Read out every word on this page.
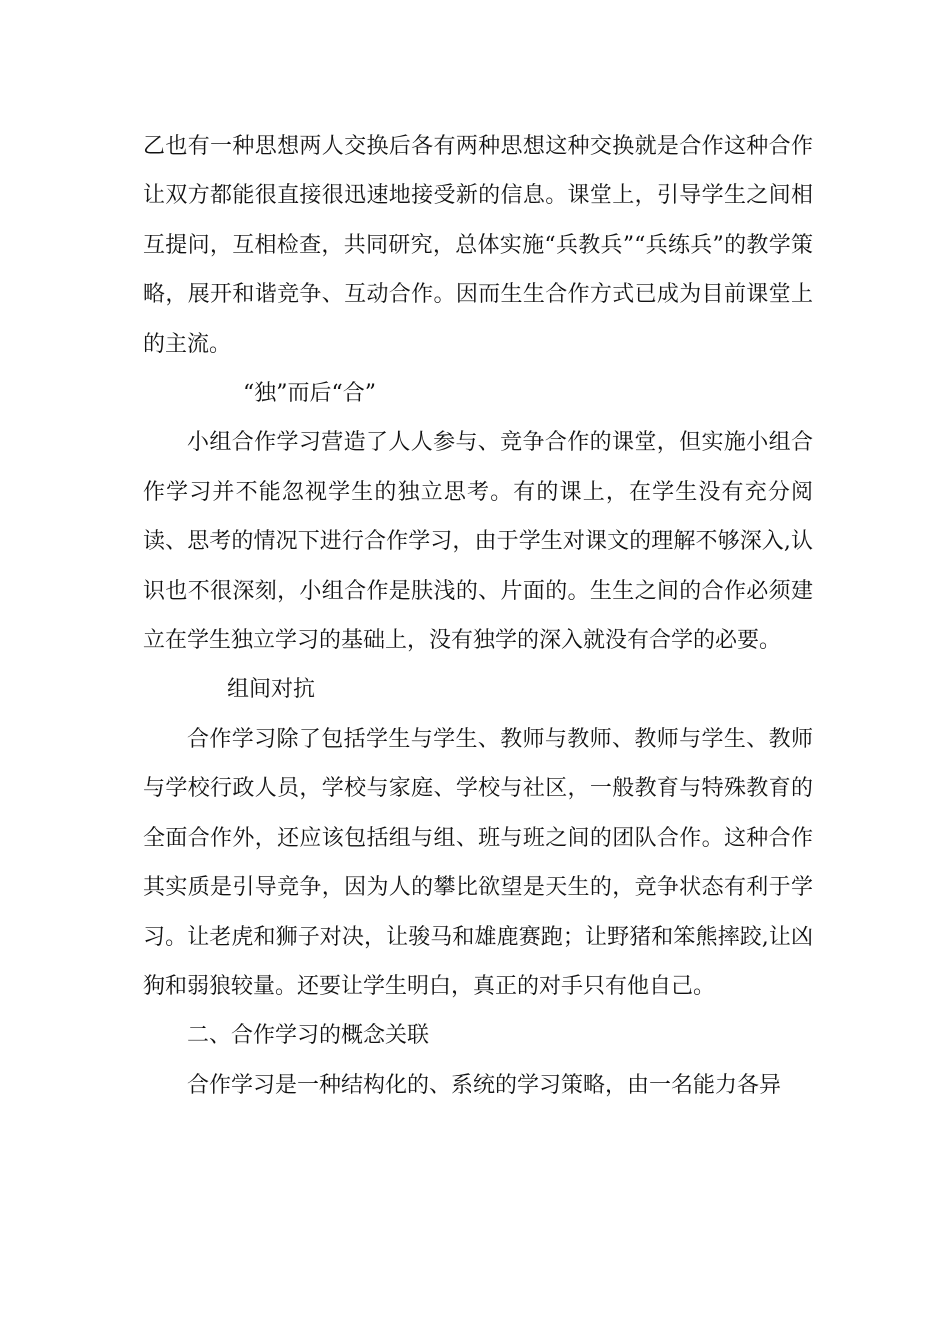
乙也有一种思想两人交换后各有两种思想这种交换就是合作这种合作让双方都能很直接很迅速地接受新的信息。课堂上，引导学生之间相互提问，互相检查，共同研究，总体实施“兵教兵”“兵练兵”的教学策略，展开和谐竞争、互动合作。因而生生合作方式已成为目前课堂上的主流。

“独”而后“合”

小组合作学习营造了人人参与、竞争合作的课堂，但实施小组合作学习并不能忽视学生的独立思考。有的课上，在学生没有充分阅读、思考的情况下进行合作学习，由于学生对课文的理解不够深入,认识也不很深刻，小组合作是肤浅的、片面的。生生之间的合作必须建立在学生独立学习的基础上，没有独学的深入就没有合学的必要。

组间对抗

合作学习除了包括学生与学生、教师与教师、教师与学生、教师与学校行政人员，学校与家庭、学校与社区，一般教育与特殊教育的全面合作外，还应该包括组与组、班与班之间的团队合作。这种合作其实质是引导竞争，因为人的攀比欲望是天生的，竞争状态有利于学习。让老虎和狮子对决，让骏马和雄鹿赛跑；让野猪和笨熊摔跤,让凶狗和弱狼较量。还要让学生明白，真正的对手只有他自己。

二、合作学习的概念关联

合作学习是一种结构化的、系统的学习策略，由一名能力各异
